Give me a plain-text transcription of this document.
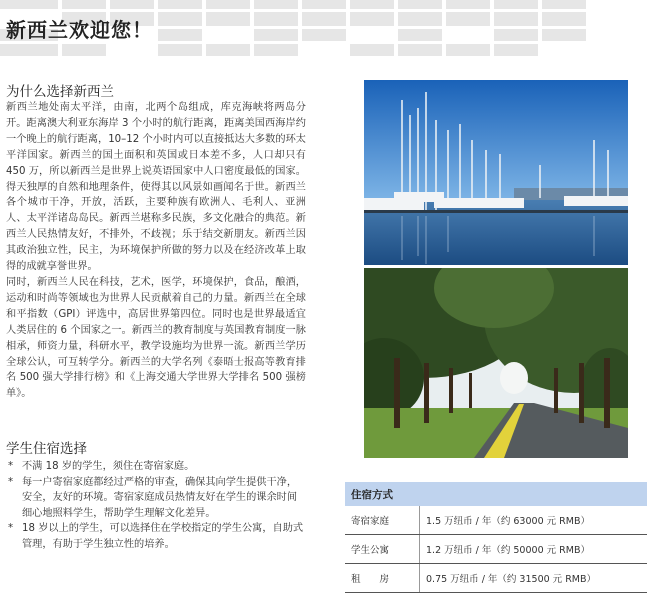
新西兰欢迎您！
为什么选择新西兰

新西兰地处南太平洋，由南，北两个岛组成，库克海峡将两岛分开。距离澳大利亚东海岸 3 个小时的航行距离，距离美国西海岸约一个晚上的航行距离，10–12 个小时内可以直接抵达大多数的环太平洋国家。新西兰的国土面积和英国或日本差不多，人口却只有 450 万，所以新西兰是世界上说英语国家中人口密度最低的国家。得天独厚的自然和地理条件，使得其以风景如画闻名于世。新西兰各个城市干净，开放，活跃，主要种族有欧洲人、毛利人、亚洲人、太平洋诸岛岛民。新西兰堪称多民族，多文化融合的典范。新西兰人民热情友好，不排外，不歧视；乐于结交新朋友。新西兰因其政治独立性，民主，为环境保护所做的努力以及在经济改革上取得的成就享誉世界。

同时，新西兰人民在科技，艺术，医学，环境保护，食品，酿酒，运动和时尚等领域也为世界人民贡献着自己的力量。新西兰在全球和平指数（GPI）评选中，高居世界第四位。同时也是世界最适宜人类居住的 6 个国家之一。新西兰的教育制度与英国教育制度一脉相承，师资力量，科研水平，教学设施均为世界一流。新西兰学历全球公认，可互转学分。新西兰的大学名列《泰晤士报高等教育排名 500 强大学排行榜》和《上海交通大学世界大学排名 500 强榜单》。

学生住宿选择
* 不满 18 岁的学生，须住在寄宿家庭。
* 每一户寄宿家庭都经过严格的审查，确保其向学生提供干净，安全，友好的环境。寄宿家庭成员热情友好在学生的课余时间细心地照料学生，帮助学生理解文化差异。
* 18 岁以上的学生，可以选择住在学校指定的学生公寓，自助式管理，有助于学生独立性的培养。
住宿方式	
寄宿家庭	1.5 万纽币 / 年（约 63000 元 RMB）
学生公寓	1.2 万纽币 / 年（约 50000 元 RMB）
租　　房	0.75 万纽币 / 年（约 31500 元 RMB）
